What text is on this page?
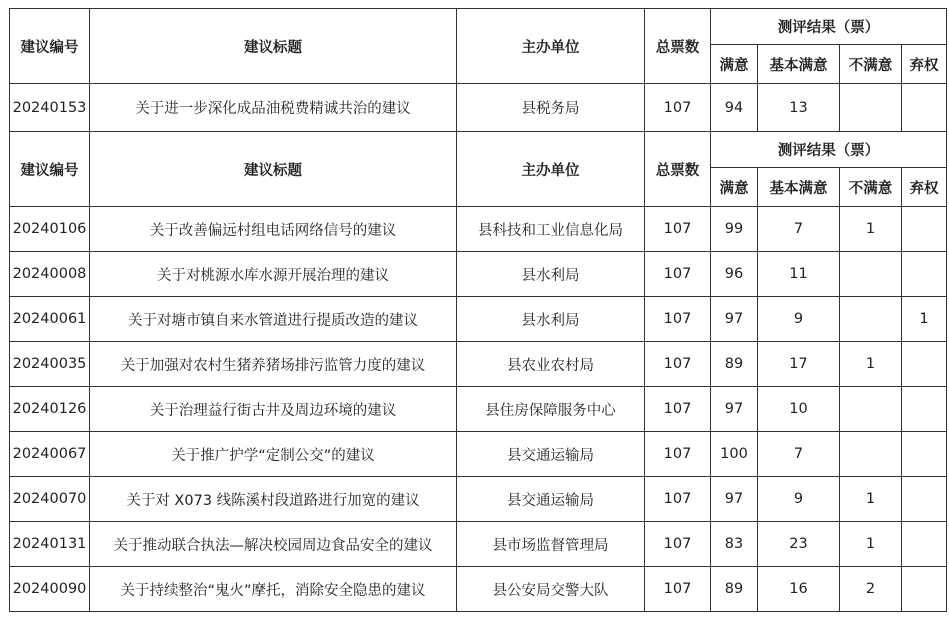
建议编号	建议标题	主办单位	总票数	测评结果（票）			
				满意	基本满意	不满意	弃权
20240153	关于进一步深化成品油税费精诚共治的建议	县税务局	107	94	13		
建议编号	建议标题	主办单位	总票数	测评结果（票）			
				满意	基本满意	不满意	弃权
20240106	关于改善偏远村组电话网络信号的建议	县科技和工业信息化局	107	99	7	1	
20240008	关于对桃源水库水源开展治理的建议	县水利局	107	96	11		
20240061	关于对塘市镇自来水管道进行提质改造的建议	县水利局	107	97	9		1
20240035	关于加强对农村生猪养猪场排污监管力度的建议	县农业农村局	107	89	17	1	
20240126	关于治理益行街古井及周边环境的建议	县住房保障服务中心	107	97	10		
20240067	关于推广护学“定制公交”的建议	县交通运输局	107	100	7		
20240070	关于对 X073 线陈溪村段道路进行加宽的建议	县交通运输局	107	97	9	1	
20240131	关于推动联合执法—解决校园周边食品安全的建议	县市场监督管理局	107	83	23	1	
20240090	关于持续整治“鬼火”摩托，消除安全隐患的建议	县公安局交警大队	107	89	16	2	
